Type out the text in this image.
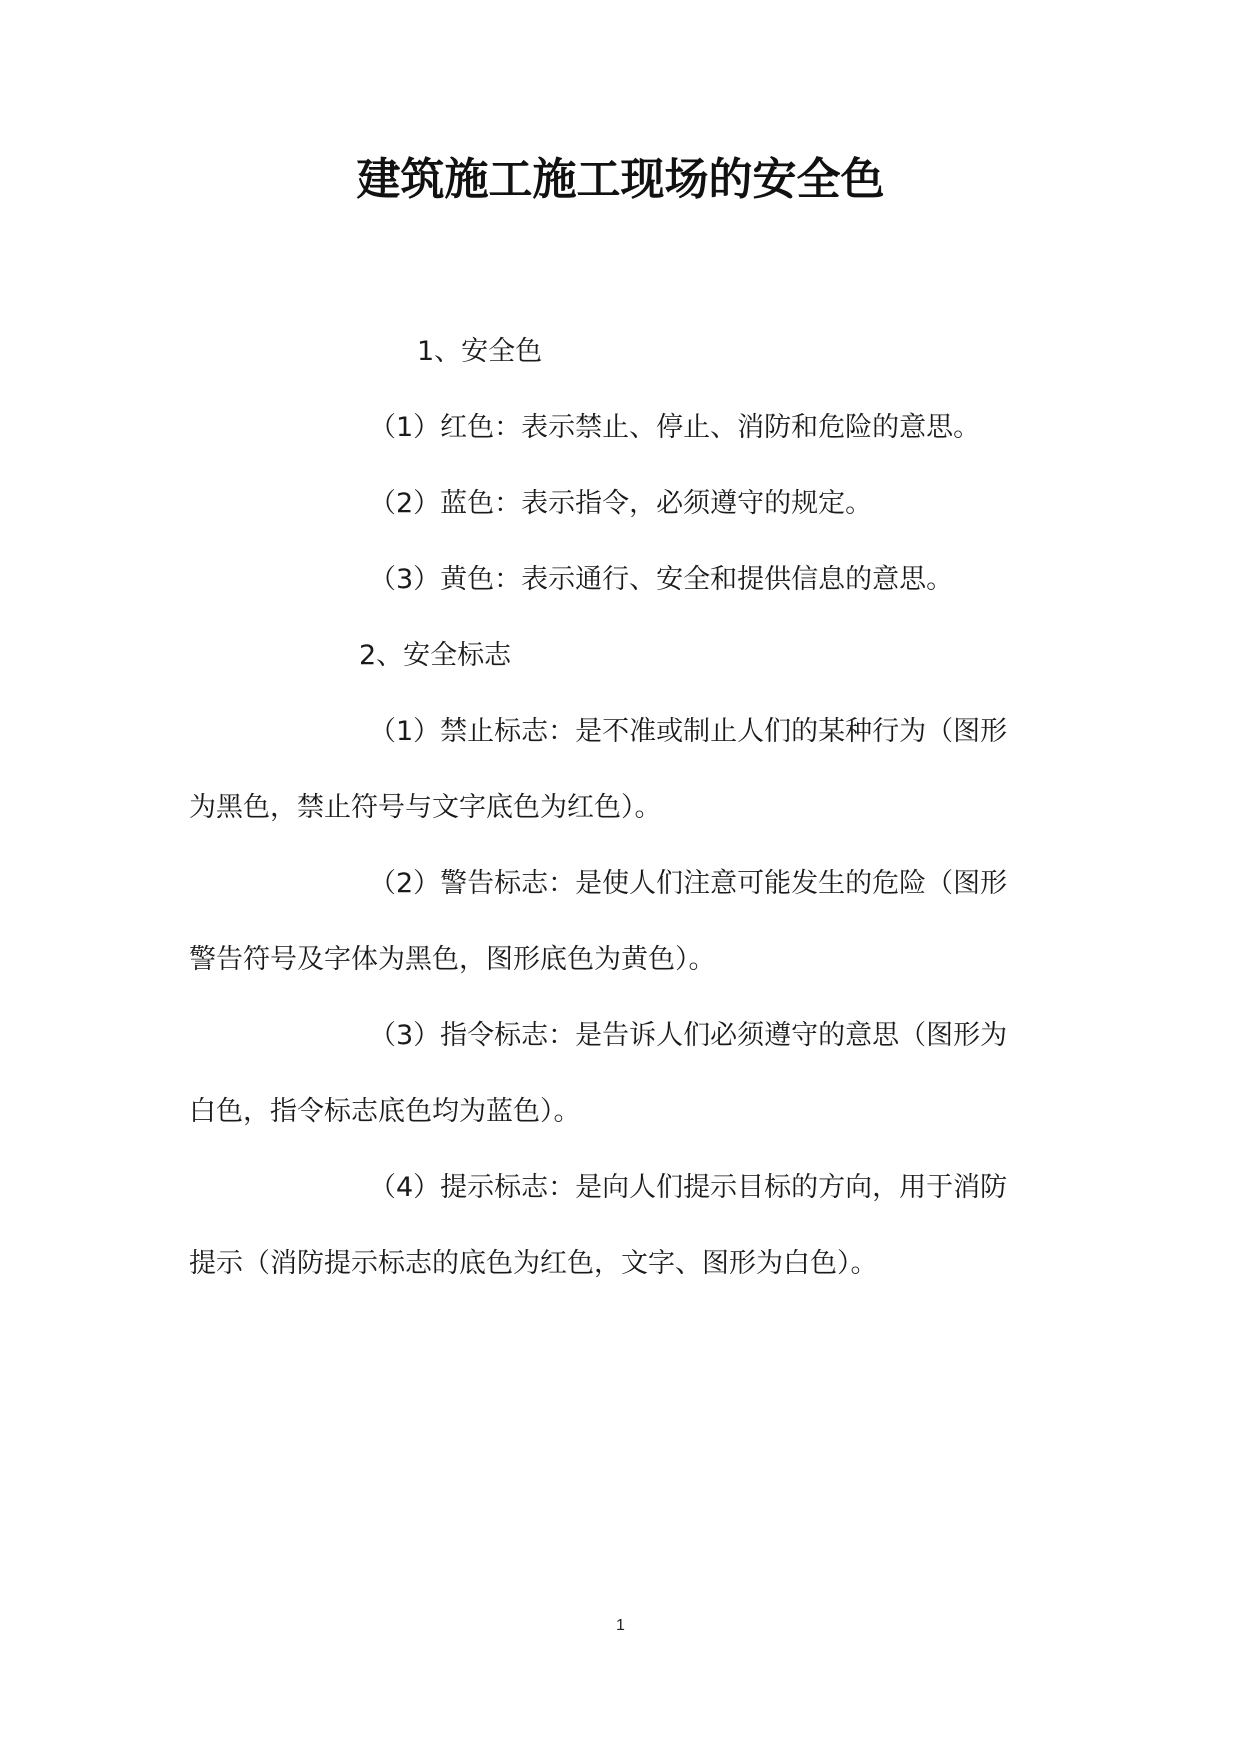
建筑施工施工现场的安全色

1、安全色

（1）红色：表示禁止、停止、消防和危险的意思。

（2）蓝色：表示指令，必须遵守的规定。

（3）黄色：表示通行、安全和提供信息的意思。

2、安全标志

（1）禁止标志：是不准或制止人们的某种行为（图形

为黑色，禁止符号与文字底色为红色）。

（2）警告标志：是使人们注意可能发生的危险（图形

警告符号及字体为黑色，图形底色为黄色）。

（3）指令标志：是告诉人们必须遵守的意思（图形为

白色，指令标志底色均为蓝色）。

（4）提示标志：是向人们提示目标的方向，用于消防

提示（消防提示标志的底色为红色，文字、图形为白色）。

1
